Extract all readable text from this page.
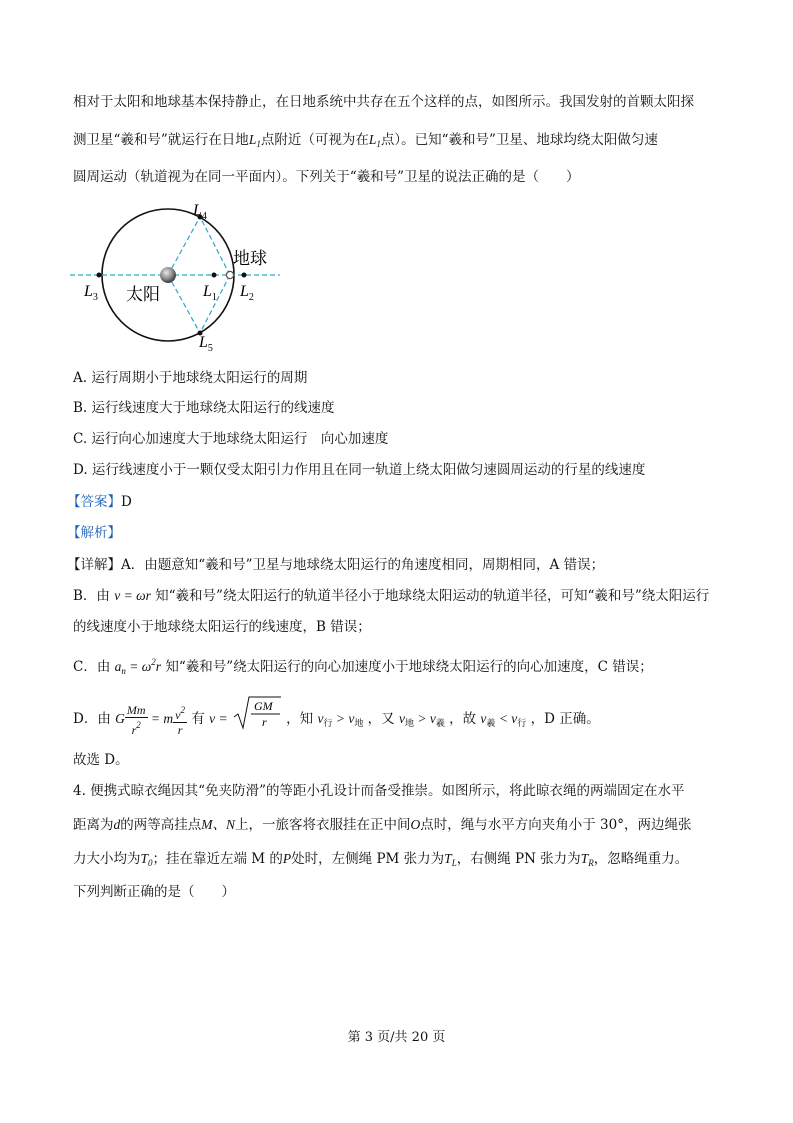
相对于太阳和地球基本保持静止，在日地系统中共存在五个这样的点，如图所示。我国发射的首颗太阳探
测卫星“羲和号”就运行在日地$L_1$点附近（可视为在$L_1$点）。已知“羲和号”卫星、地球均绕太阳做匀速
圆周运动（轨道视为在同一平面内）。下列关于“羲和号”卫星的说法正确的是（　　）
$L_4$
地球
$L_3$ 太阳	$L_1$ $L_2$
$L_5$
A. 运行周期小于地球绕太阳运行的周期
B. 运行线速度大于地球绕太阳运行的线速度
C. 运行向心加速度大于地球绕太阳运行　向心加速度
D. 运行线速度小于一颗仅受太阳引力作用且在同一轨道上绕太阳做匀速圆周运动的行星的线速度
【答案】D
【解析】
【详解】A．由题意知“羲和号”卫星与地球绕太阳运行的角速度相同，周期相同，A 错误；
B．由 v = ωr 知“羲和号”绕太阳运行的轨道半径小于地球绕太阳运动的轨道半径，可知“羲和号”绕太阳运行
的线速度小于地球绕太阳运行的线速度，B 错误；
C．由 $a_n = \omega^2r$ 知“羲和号”绕太阳运行的向心加速度小于地球绕太阳运行的向心加速度，C 错误；
D．由 G $\frac{Mm}{r^2} = m \frac{v^2}{r}$ 有 v =
GM
r ，知 $v_行 > v_地$ ，又 $v_地 > v_羲$ ，故 $v_羲 < v_行$ ，D 正确。
故选 D。
4. 便携式晾衣绳因其“免夹防滑”的等距小孔设计而备受推崇。如图所示，将此晾衣绳的两端固定在水平
距离为d的两等高挂点M、N上，一旅客将衣服挂在正中间O点时，绳与水平方向夹角小于 30°，两边绳张
力大小均为$T_0$；挂在靠近左端 M 的P处时，左侧绳 PM 张力为$T_L$，右侧绳 PN 张力为$T_R$，忽略绳重力。
下列判断正确的是（　　）
第 3 页/共 20 页
